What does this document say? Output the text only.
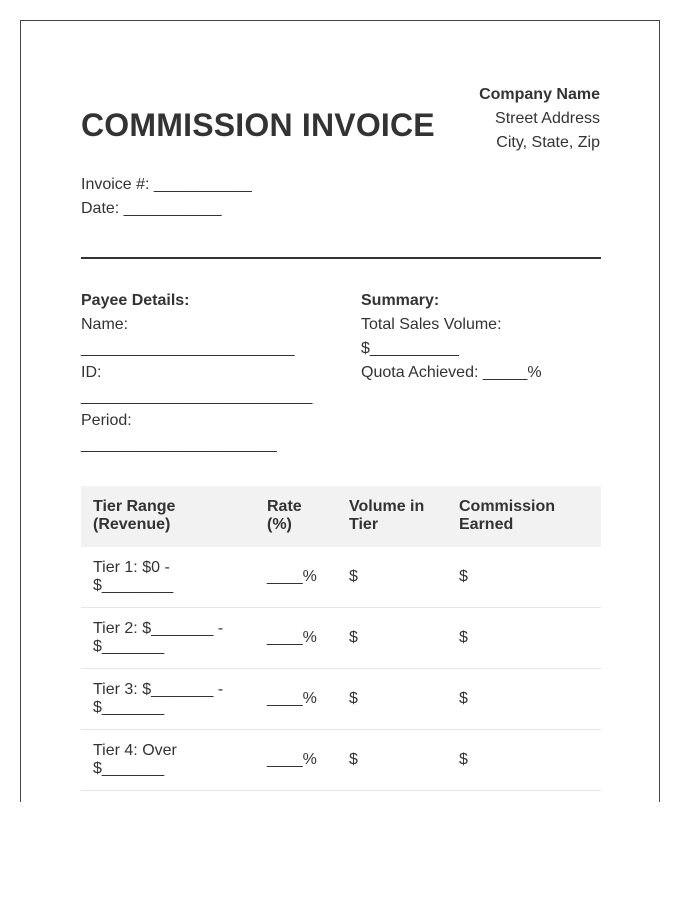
Company Name
Street Address
City, State, Zip
COMMISSION INVOICE
Invoice #: ___________
Date: ___________
Payee Details:
Name:
________________________
ID:
__________________________
Period:
______________________
Summary:
Total Sales Volume:
$__________
Quota Achieved: _____%
Tier Range (Revenue)	Rate (%)	Volume in Tier	Commission Earned
Tier 1: $0 - $________	____%	$	$
Tier 2: $_______ - $_______	____%	$	$
Tier 3: $_______ - $_______	____%	$	$
Tier 4: Over $_______	____%	$	$
